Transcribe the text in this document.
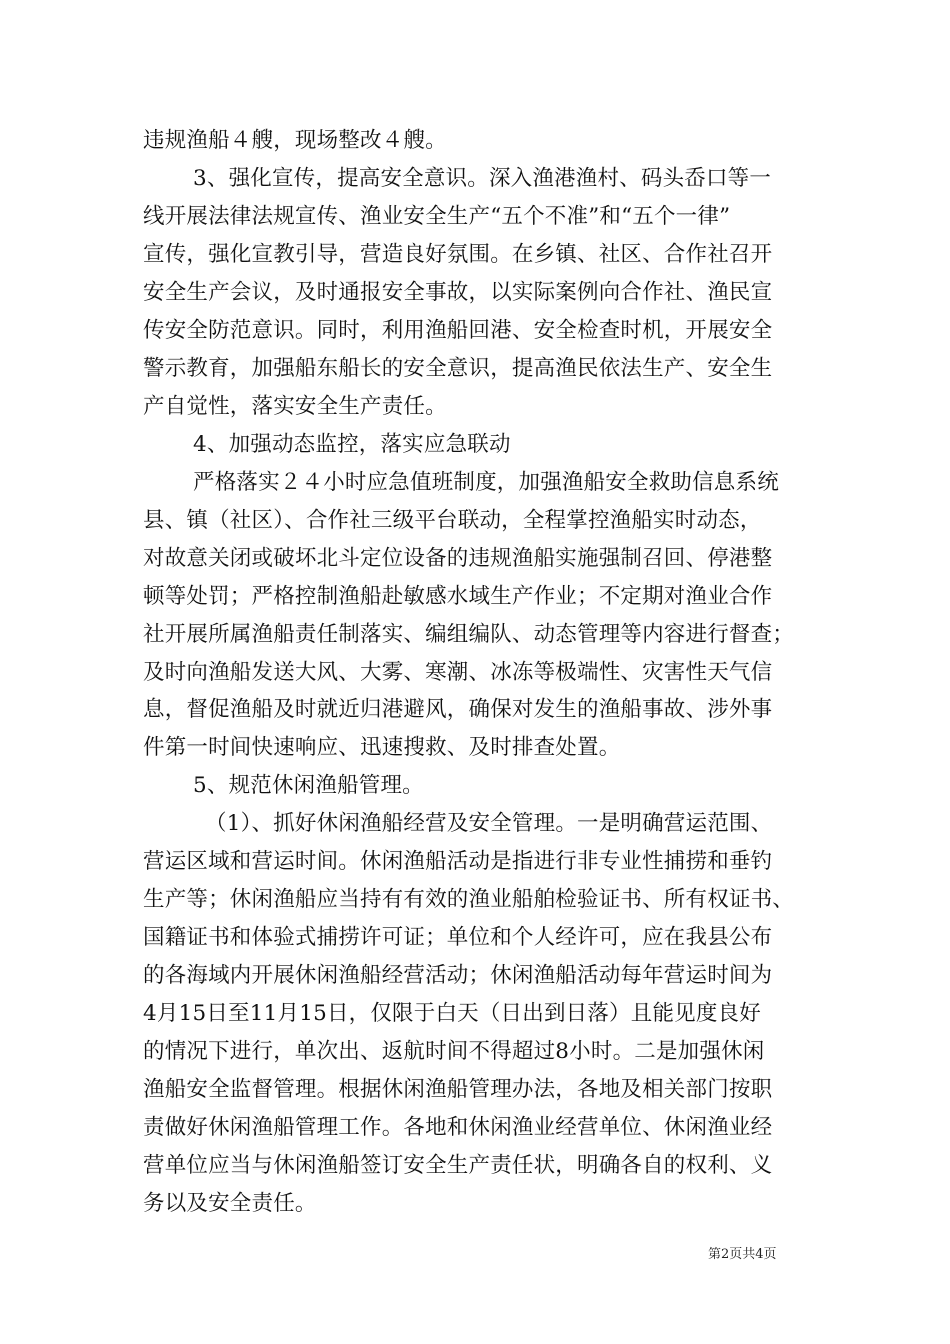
违规渔船４艘，现场整改４艘。
3、强化宣传，提高安全意识。深入渔港渔村、码头岙口等一
线开展法律法规宣传、渔业安全生产“五个不准”和“五个一律”
宣传，强化宣教引导，营造良好氛围。在乡镇、社区、合作社召开
安全生产会议，及时通报安全事故，以实际案例向合作社、渔民宣
传安全防范意识。同时，利用渔船回港、安全检查时机，开展安全
警示教育，加强船东船长的安全意识，提高渔民依法生产、安全生
产自觉性，落实安全生产责任。
4、加强动态监控，落实应急联动
严格落实２４小时应急值班制度，加强渔船安全救助信息系统
县、镇（社区）、合作社三级平台联动，全程掌控渔船实时动态，
对故意关闭或破坏北斗定位设备的违规渔船实施强制召回、停港整
顿等处罚；严格控制渔船赴敏感水域生产作业；不定期对渔业合作
社开展所属渔船责任制落实、编组编队、动态管理等内容进行督查；
及时向渔船发送大风、大雾、寒潮、冰冻等极端性、灾害性天气信
息，督促渔船及时就近归港避风，确保对发生的渔船事故、涉外事
件第一时间快速响应、迅速搜救、及时排查处置。
5、规范休闲渔船管理。
（1）、抓好休闲渔船经营及安全管理。一是明确营运范围、
营运区域和营运时间。休闲渔船活动是指进行非专业性捕捞和垂钓
生产等；休闲渔船应当持有有效的渔业船舶检验证书、所有权证书、
国籍证书和体验式捕捞许可证；单位和个人经许可，应在我县公布
的各海域内开展休闲渔船经营活动；休闲渔船活动每年营运时间为
4月15日至11月15日，仅限于白天（日出到日落）且能见度良好
的情况下进行，单次出、返航时间不得超过8小时。二是加强休闲
渔船安全监督管理。根据休闲渔船管理办法，各地及相关部门按职
责做好休闲渔船管理工作。各地和休闲渔业经营单位、休闲渔业经
营单位应当与休闲渔船签订安全生产责任状，明确各自的权利、义
务以及安全责任。
第2页共4页
